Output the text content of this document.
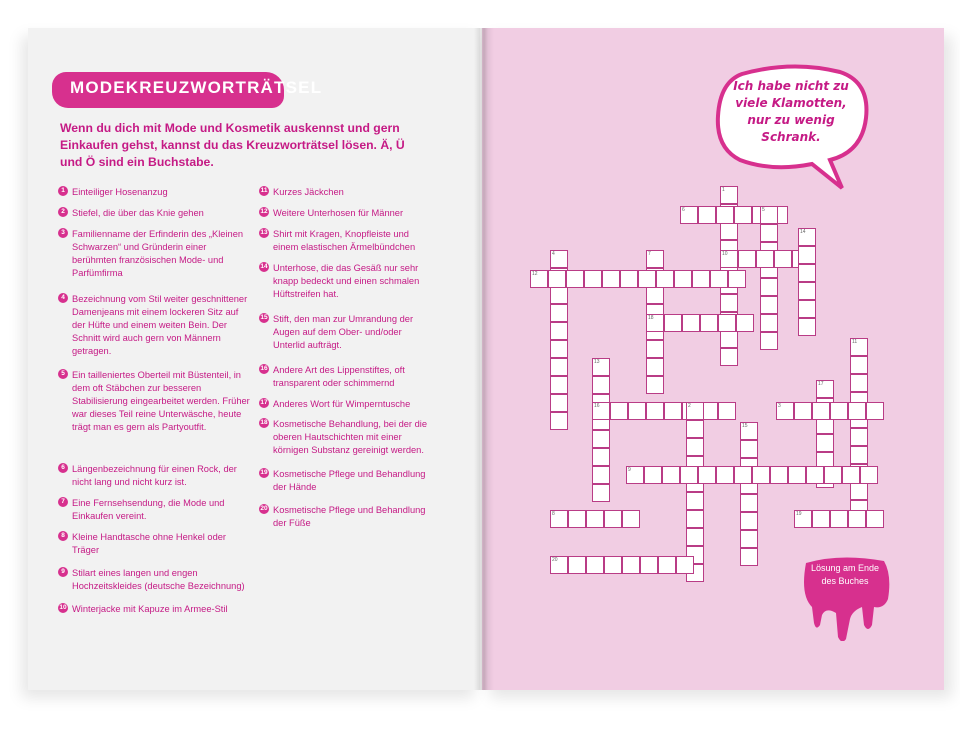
MODEKREUZWORTRÄTSEL
Wenn du dich mit Mode und Kosmetik auskennst und gern Einkaufen gehst, kannst du das Kreuzworträtsel lösen. Ä, Ü und Ö sind ein Buchstabe.
1 Einteiliger Hosenanzug
2 Stiefel, die über das Knie gehen
3 Familienname der Erfinderin des „Kleinen Schwarzen“ und Gründerin einer berühmten französischen Mode- und Parfümfirma
4 Bezeichnung vom Stil weiter geschnittener Damenjeans mit einem lockeren Sitz auf der Hüfte und einem weiten Bein. Der Schnitt wird auch gern von Männern getragen.
5 Ein tailleniertes Oberteil mit Büstenteil, in dem oft Stäbchen zur besseren Stabilisierung eingearbeitet werden. Früher war dieses Teil reine Unterwäsche, heute trägt man es gern als Partyoutfit.
6 Längenbezeichnung für einen Rock, der nicht lang und nicht kurz ist.
7 Eine Fernsehsendung, die Mode und Einkaufen vereint.
8 Kleine Handtasche ohne Henkel oder Träger
9 Stilart eines langen und engen Hochzeitskleides (deutsche Bezeichnung)
10 Winterjacke mit Kapuze im Armee-Stil
11 Kurzes Jäckchen
12 Weitere Unterhosen für Männer
13 Shirt mit Kragen, Knopfleiste und einem elastischen Ärmelbündchen
14 Unterhose, die das Gesäß nur sehr knapp bedeckt und einen schmalen Hüftstreifen hat.
15 Stift, den man zur Umrandung der Augen auf dem Ober- und/oder Unterlid aufträgt.
16 Andere Art des Lippenstiftes, oft transparent oder schimmernd
17 Anderes Wort für Wimperntusche
18 Kosmetische Behandlung, bei der die oberen Hautschichten mit einer körnigen Substanz gereinigt werden.
19 Kosmetische Pflege und Behandlung der Hände
20 Kosmetische Pflege und Behandlung der Füße
Ich habe nicht zu viele Klamotten, nur zu wenig Schrank.
Lösung am Ende des Buches
1
6	5
10
14
4	7
12
18
13
11
17
16	2	3
15
9
8	19
20
